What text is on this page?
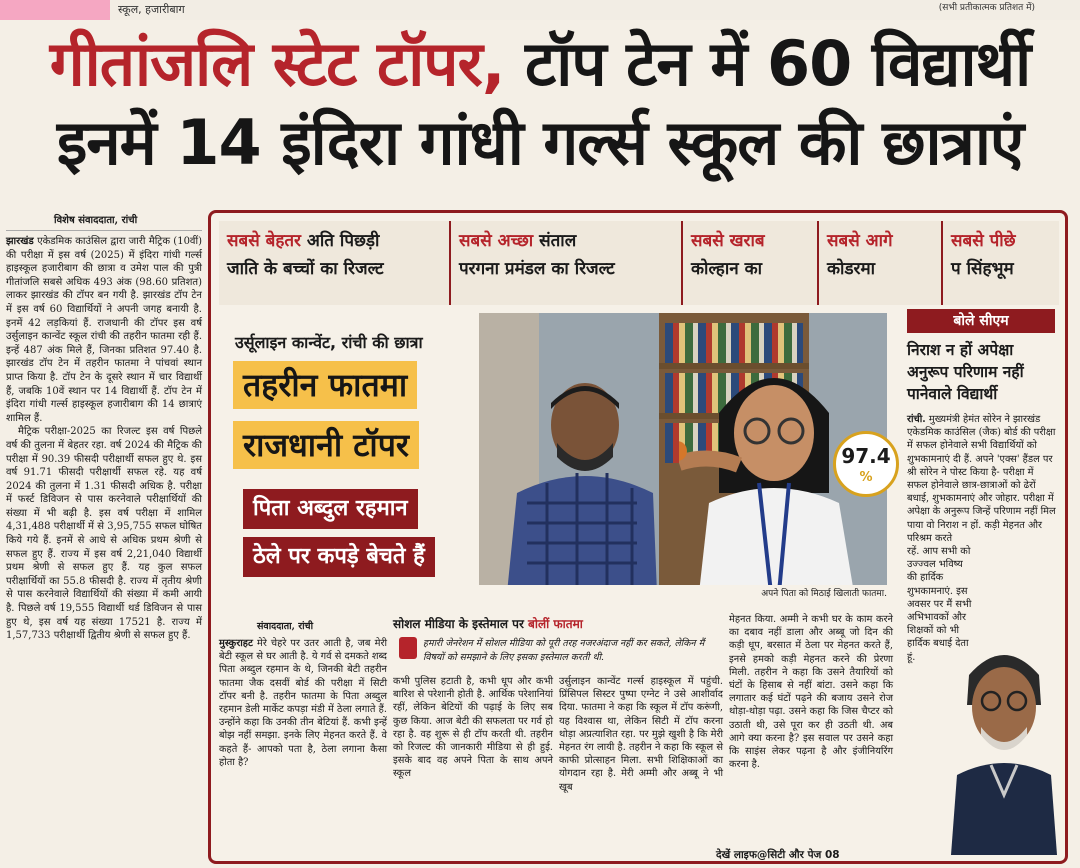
स्कूल, हजारीबाग	(सभी प्रतीकात्मक प्रतिशत में)
गीतांजलि स्टेट टॉपर, टॉप टेन में 60 विद्यार्थी
इनमें 14 इंदिरा गांधी गर्ल्स स्कूल की छात्राएं
विशेष संवाददाता, रांची

झारखंड एकेडमिक काउंसिल द्वारा जारी मैट्रिक (10वीं) की परीक्षा में इस वर्ष (2025) में इंदिरा गांधी गर्ल्स हाइस्कूल हजारीबाग की छात्रा व उमेश पाल की पुत्री गीतांजलि सबसे अधिक 493 अंक (98.60 प्रतिशत) लाकर झारखंड की टॉपर बन गयी है. झारखंड टॉप टेन में इस वर्ष 60 विद्यार्थियों ने अपनी जगह बनायी है. इनमें 42 लड़कियां हैं. राजधानी की टॉपर इस वर्ष उर्सुलाइन कान्वेंट स्कूल रांची की तहरीन फातमा रही हैं. इन्हें 487 अंक मिले हैं, जिनका प्रतिशत 97.40 है. झारखंड टॉप टेन में तहरीन फातमा ने पांचवां स्थान प्राप्त किया है. टॉप टेन के दूसरे स्थान में चार विद्यार्थी हैं, जबकि 10वें स्थान पर 14 विद्यार्थी हैं. टॉप टेन में इंदिरा गांधी गर्ल्स हाइस्कूल हजारीबाग की 14 छात्राएं शामिल हैं.

मैट्रिक परीक्षा-2025 का रिजल्ट इस वर्ष पिछले वर्ष की तुलना में बेहतर रहा. वर्ष 2024 की मैट्रिक की परीक्षा में 90.39 फीसदी परीक्षार्थी सफल हुए थे. इस वर्ष 91.71 फीसदी परीक्षार्थी सफल रहे. यह वर्ष 2024 की तुलना में 1.31 फीसदी अधिक है. परीक्षा में फर्स्ट डिविजन से पास करनेवाले परीक्षार्थियों की संख्या में भी बढ़ी है. इस वर्ष परीक्षा में शामिल 4,31,488 परीक्षार्थी में से 3,95,755 सफल घोषित किये गये हैं. इनमें से आधे से अधिक प्रथम श्रेणी से सफल हुए हैं. राज्य में इस वर्ष 2,21,040 विद्यार्थी प्रथम श्रेणी से सफल हुए हैं. यह कुल सफल परीक्षार्थियों का 55.8 फीसदी है. राज्य में तृतीय श्रेणी से पास करनेवाले विद्यार्थियों की संख्या में कमी आयी है. पिछले वर्ष 19,555 विद्यार्थी थर्ड डिविजन से पास हुए थे, इस वर्ष यह संख्या 17521 है. राज्य में 1,57,733 परीक्षार्थी द्वितीय श्रेणी से सफल हुए हैं.

सबसे बेहतर अति पिछड़ी
जाति के बच्चों का रिजल्ट
सबसे अच्छा संताल
परगना प्रमंडल का रिजल्ट
सबसे खराब
कोल्हान का
सबसे आगे
कोडरमा
सबसे पीछे
प सिंहभूम
उर्सूलाइन कान्वेंट, रांची की छात्रा
तहरीन फातमा
राजधानी टॉपर
पिता अब्दुल रहमान
ठेले पर कपड़े बेचते हैं
अपने पिता को मिठाई खिलाती फातमा.
97.4
%
संवाददाता, रांची	सोशल मीडिया के इस्तेमाल पर बोलीं फातमा
हमारी जेनरेशन में सोशल मीडिया को पूरी तरह नजरअंदाज नहीं कर सकते, लेकिन मैं विषयों को समझाने के लिए इसका इस्तेमाल करती थी.
मुस्कुराहट मेरे चेहरे पर उतर आती है, जब मेरी बेटी स्कूल से घर आती है. ये गर्व से दमकते शब्द पिता अब्दुल रहमान के थे, जिनकी बेटी तहरीन फातमा जैक दसवीं बोर्ड की परीक्षा में सिटी टॉपर बनी है. तहरीन फातमा के पिता अब्दुल रहमान डेली मार्केट कपड़ा मंडी में ठेला लगाते हैं. उन्होंने कहा कि उनकी तीन बेटियां हैं. कभी इन्हें बोझ नहीं समझा. इनके लिए मेहनत करते हैं. वे कहते हैं- आपको पता है, ठेला लगाना कैसा होता है?
कभी पुलिस हटाती है, कभी धूप और कभी बारिश से परेशानी होती है. आर्थिक परेशानियां रहीं, लेकिन बेटियों की पढ़ाई के लिए सब कुछ किया. आज बेटी की सफलता पर गर्व हो रहा है. वह शुरू से ही टॉप करती थी. तहरीन को रिजल्ट की जानकारी मीडिया से ही हुई. इसके बाद वह अपने पिता के साथ अपने स्कूल
उर्सुलाइन कान्वेंट गर्ल्स हाइस्कूल में पहुंची. प्रिंसिपल सिस्टर पुष्पा एग्नेट ने उसे आशीर्वाद दिया. फातमा ने कहा कि स्कूल में टॉप करूंगी, यह विश्वास था, लेकिन सिटी में टॉप करना थोड़ा अप्रत्याशित रहा. पर मुझे खुशी है कि मेरी मेहनत रंग लायी है. तहरीन ने कहा कि स्कूल से काफी प्रोत्साहन मिला. सभी शिक्षिकाओं का योगदान रहा है. मेरी अम्मी और अब्बू ने भी खूब
मेहनत किया. अम्मी ने कभी घर के काम करने का दबाव नहीं डाला और अब्बू जो दिन की कड़ी धूप, बरसात में ठेला पर मेहनत करते हैं, इनसे हमको कड़ी मेहनत करने की प्रेरणा मिली. तहरीन ने कहा कि उसने तैयारियों को घंटों के हिसाब से नहीं बांटा. उसने कहा कि लगातार कई घंटों पढ़ने की बजाय उसने रोज थोड़ा-थोड़ा पढ़ा. उसने कहा कि जिस चैप्टर को उठाती थी, उसे पूरा कर ही उठती थी. अब आगे क्या करना है? इस सवाल पर उसने कहा कि साइंस लेकर पढ़ना है और इंजीनियरिंग करना है.
बोले सीएम
निराश न हों अपेक्षा अनुरूप परिणाम नहीं पानेवाले विद्यार्थी
रांची. मुख्यमंत्री हेमंत सोरेन ने झारखंड एकेडमिक काउंसिल (जैक) बोर्ड की परीक्षा में सफल होनेवाले सभी विद्यार्थियों को शुभकामनाएं दी हैं. अपने 'एक्स' हैंडल पर श्री सोरेन ने पोस्ट किया है- परीक्षा में सफल होनेवाले छात्र-छात्राओं को ढेरों बधाई, शुभकामनाएं और जोहार. परीक्षा में अपेक्षा के अनुरूप जिन्हें परिणाम नहीं मिल पाया वो निराश न हों. कड़ी मेहनत और परिश्रम करते
रहें. आप सभी को उज्ज्वल भविष्य की हार्दिक शुभकामनाएं. इस अवसर पर मैं सभी अभिभावकों और शिक्षकों को भी हार्दिक बधाई देता हूं.
देखें लाइफ@सिटी और पेज 08
